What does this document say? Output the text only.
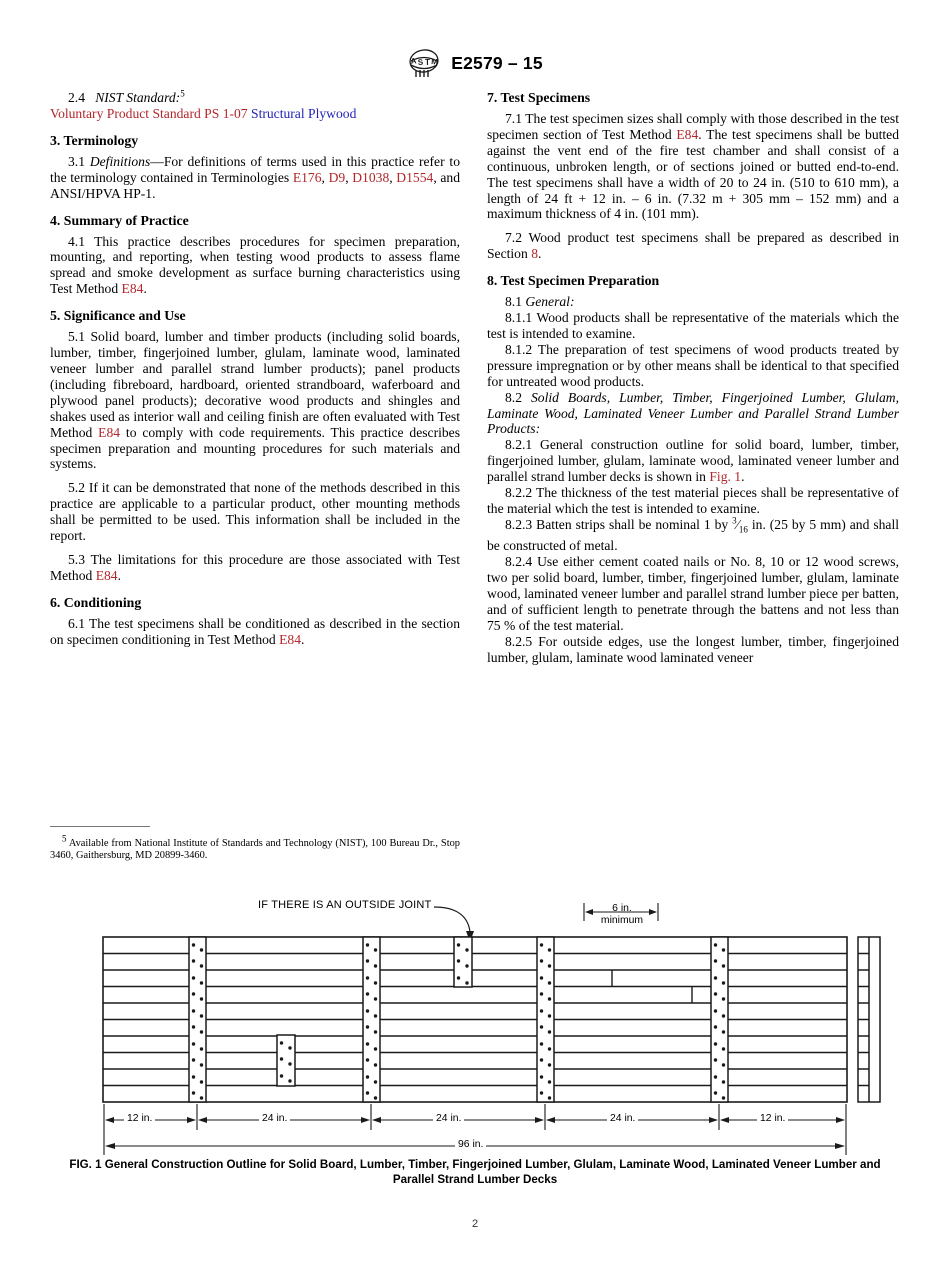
A S T M E2579 – 15

2.4 NIST Standard:$^5$

Voluntary Product Standard PS 1-07 Structural Plywood

3. Terminology

3.1 Definitions—For definitions of terms used in this practice refer to the terminology contained in Terminologies E176, D9, D1038, D1554, and ANSI/HPVA HP-1.

4. Summary of Practice

4.1 This practice describes procedures for specimen preparation, mounting, and reporting, when testing wood products to assess flame spread and smoke development as surface burning characteristics using Test Method E84.

5. Significance and Use

5.1 Solid board, lumber and timber products (including solid boards, lumber, timber, fingerjoined lumber, glulam, laminate wood, laminated veneer lumber and parallel strand lumber products); panel products (including fibreboard, hardboard, oriented strandboard, waferboard and plywood panel products); decorative wood products and shingles and shakes used as interior wall and ceiling finish are often evaluated with Test Method E84 to comply with code requirements. This practice describes specimen preparation and mounting procedures for such materials and systems.

5.2 If it can be demonstrated that none of the methods described in this practice are applicable to a particular product, other mounting methods shall be permitted to be used. This information shall be included in the report.

5.3 The limitations for this procedure are those associated with Test Method E84.

6. Conditioning

6.1 The test specimens shall be conditioned as described in the section on specimen conditioning in Test Method E84.

$^5$ Available from National Institute of Standards and Technology (NIST), 100 Bureau Dr., Stop 3460, Gaithersburg, MD 20899-3460.

7. Test Specimens

7.1 The test specimen sizes shall comply with those described in the test specimen section of Test Method E84. The test specimens shall be butted against the vent end of the fire test chamber and shall consist of a continuous, unbroken length, or of sections joined or butted end-to-end. The test specimens shall have a width of 20 to 24 in. (510 to 610 mm), a length of 24 ft + 12 in. – 6 in. (7.32 m + 305 mm – 152 mm) and a maximum thickness of 4 in. (101 mm).

7.2 Wood product test specimens shall be prepared as described in Section 8.

8. Test Specimen Preparation

8.1 General:

8.1.1 Wood products shall be representative of the materials which the test is intended to examine.

8.1.2 The preparation of test specimens of wood products treated by pressure impregnation or by other means shall be identical to that specified for untreated wood products.

8.2 Solid Boards, Lumber, Timber, Fingerjoined Lumber, Glulam, Laminate Wood, Laminated Veneer Lumber and Parallel Strand Lumber Products:

8.2.1 General construction outline for solid board, lumber, timber, fingerjoined lumber, glulam, laminate wood, laminated veneer lumber and parallel strand lumber decks is shown in Fig. 1.

8.2.2 The thickness of the test material pieces shall be representative of the material which the test is intended to examine.

8.2.3 Batten strips shall be nominal 1 by $^3⁄_{16}$ in. (25 by 5 mm) and shall be constructed of metal.

8.2.4 Use either cement coated nails or No. 8, 10 or 12 wood screws, two per solid board, lumber, timber, fingerjoined lumber, glulam, laminate wood, laminated veneer lumber and parallel strand lumber piece per batten, and of sufficient length to penetrate through the battens and not less than 75 % of the test material.

8.2.5 For outside edges, use the longest lumber, timber, fingerjoined lumber, glulam, laminate wood laminated veneer

IF THERE IS AN OUTSIDE JOINT	6 in.
minimum
12 in.	24 in.	24 in.	24 in.	12 in.
96 in.
FIG. 1 General Construction Outline for Solid Board, Lumber, Timber, Fingerjoined Lumber, Glulam, Laminate Wood, Laminated Veneer Lumber and Parallel Strand Lumber Decks
2
